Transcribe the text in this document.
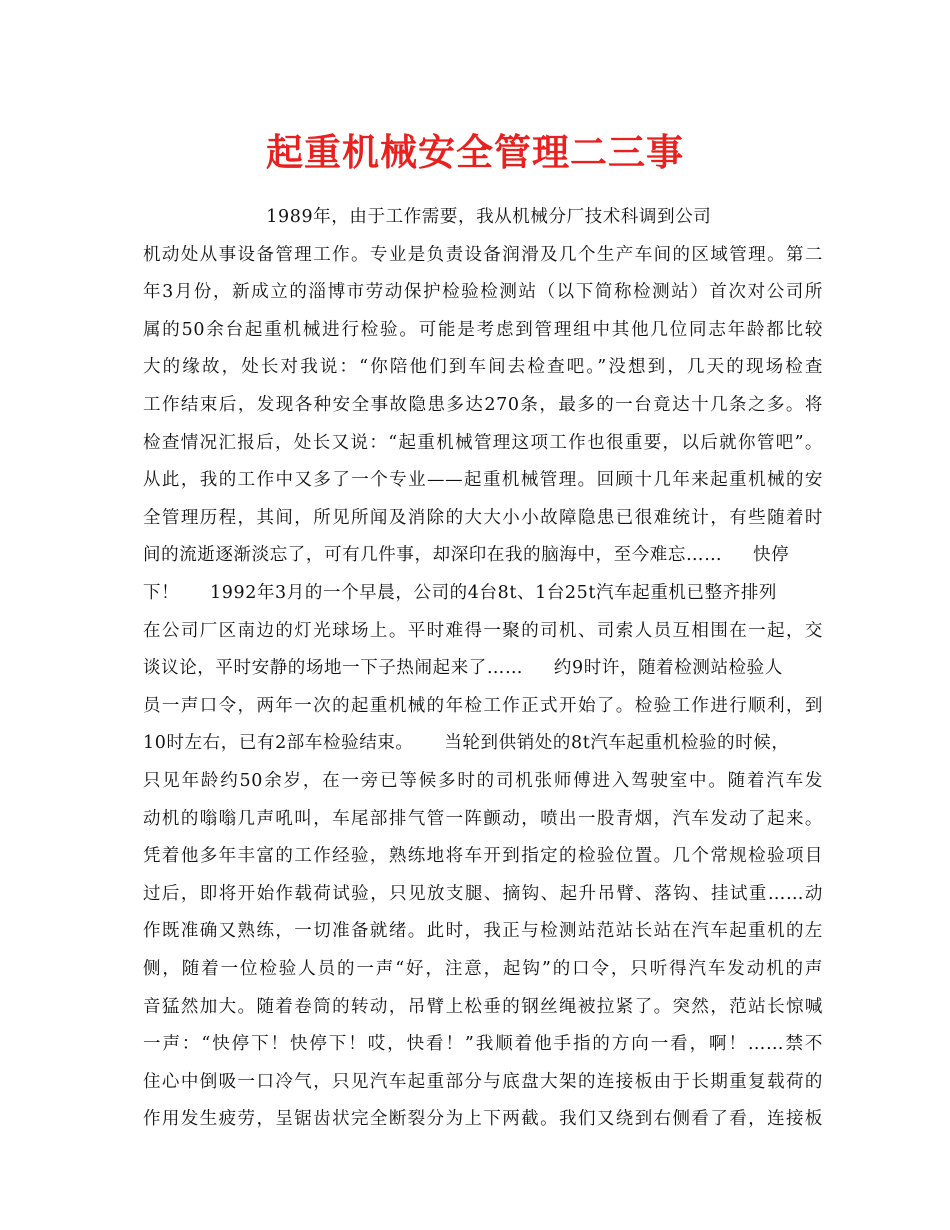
起重机械安全管理二三事
1989年，由于工作需要，我从机械分厂技术科调到公司
机动处从事设备管理工作。专业是负责设备润滑及几个生产车间的区域管理。第二
年3月份，新成立的淄博市劳动保护检验检测站（以下简称检测站）首次对公司所
属的50余台起重机械进行检验。可能是考虑到管理组中其他几位同志年龄都比较
大的缘故，处长对我说：“你陪他们到车间去检查吧。”没想到，几天的现场检查
工作结束后，发现各种安全事故隐患多达270条，最多的一台竟达十几条之多。将
检查情况汇报后，处长又说：“起重机械管理这项工作也很重要，以后就你管吧”。
从此，我的工作中又多了一个专业——起重机械管理。回顾十几年来起重机械的安
全管理历程，其间，所见所闻及消除的大大小小故障隐患已很难统计，有些随着时
间的流逝逐渐淡忘了，可有几件事，却深印在我的脑海中，至今难忘……     快停
下！     1992年3月的一个早晨，公司的4台8t、1台25t汽车起重机已整齐排列
在公司厂区南边的灯光球场上。平时难得一聚的司机、司索人员互相围在一起，交
谈议论，平时安静的场地一下子热闹起来了……     约9时许，随着检测站检验人
员一声口令，两年一次的起重机械的年检工作正式开始了。检验工作进行顺利，到
10时左右，已有2部车检验结束。     当轮到供销处的8t汽车起重机检验的时候，
只见年龄约50余岁，在一旁已等候多时的司机张师傅进入驾驶室中。随着汽车发
动机的嗡嗡几声吼叫，车尾部排气管一阵颤动，喷出一股青烟，汽车发动了起来。
凭着他多年丰富的工作经验，熟练地将车开到指定的检验位置。几个常规检验项目
过后，即将开始作载荷试验，只见放支腿、摘钩、起升吊臂、落钩、挂试重……动
作既准确又熟练，一切准备就绪。此时，我正与检测站范站长站在汽车起重机的左
侧，随着一位检验人员的一声“好，注意，起钩”的口令，只听得汽车发动机的声
音猛然加大。随着卷筒的转动，吊臂上松垂的钢丝绳被拉紧了。突然，范站长惊喊
一声：“快停下！快停下！哎，快看！”我顺着他手指的方向一看，啊！……禁不
住心中倒吸一口冷气，只见汽车起重部分与底盘大架的连接板由于长期重复载荷的
作用发生疲劳，呈锯齿状完全断裂分为上下两截。我们又绕到右侧看了看，连接板
